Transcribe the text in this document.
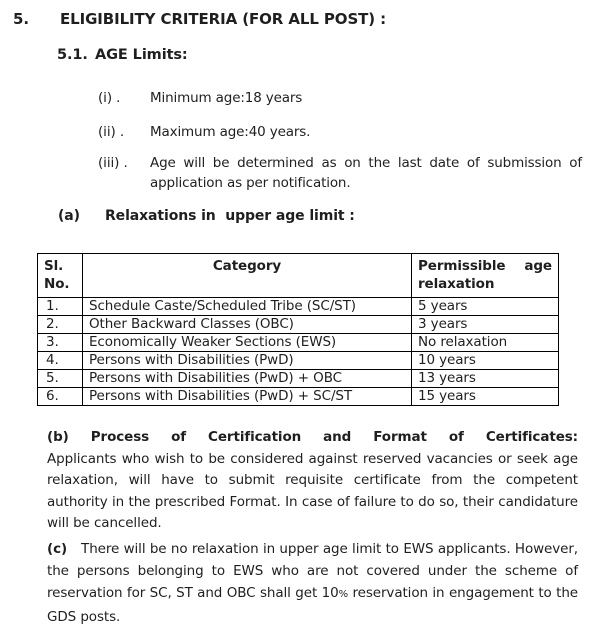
5.	ELIGIBILITY CRITERIA (FOR ALL POST) :
5.1. AGE Limits:
(i) .	Minimum age:18 years
(ii) .	Maximum age:40 years.
(iii) .	Age will be determined as on the last date of submission of application as per notification.
(a)	Relaxations in  upper age limit :
Sl. No.	Category	Permissible age relaxation
1.	Schedule Caste/Scheduled Tribe (SC/ST)	5 years
2.	Other Backward Classes (OBC)	3 years
3.	Economically Weaker Sections (EWS)	No relaxation
4.	Persons with Disabilities (PwD)	10 years
5.	Persons with Disabilities (PwD) + OBC	13 years
6.	Persons with Disabilities (PwD) + SC/ST	15 years
(b) Process of Certification and Format of Certificates:
Applicants who wish to be considered against reserved vacancies or seek age relaxation, will have to submit requisite certificate from the competent authority in the prescribed Format. In case of failure to do so, their candidature will be cancelled.
(c) There will be no relaxation in upper age limit to EWS applicants. However, the persons belonging to EWS who are not covered under the scheme of reservation for SC, ST and OBC shall get 10% reservation in engagement to the GDS posts.
